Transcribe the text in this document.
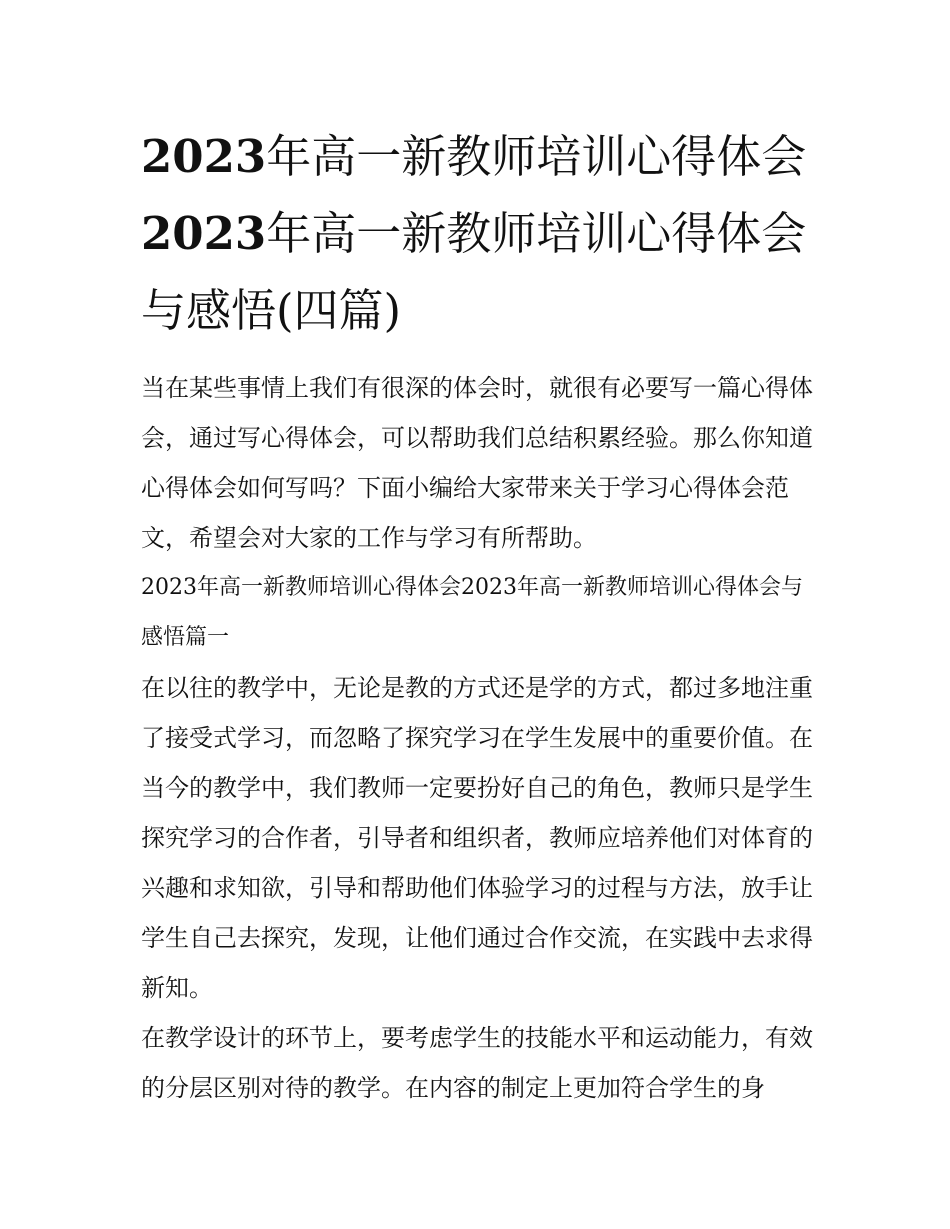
2023年高一新教师培训心得体会2023年高一新教师培训心得体会与感悟(四篇)

当在某些事情上我们有很深的体会时，就很有必要写一篇心得体会，通过写心得体会，可以帮助我们总结积累经验。那么你知道心得体会如何写吗？下面小编给大家带来关于学习心得体会范文，希望会对大家的工作与学习有所帮助。

2023年高一新教师培训心得体会2023年高一新教师培训心得体会与感悟篇一

在以往的教学中，无论是教的方式还是学的方式，都过多地注重了接受式学习，而忽略了探究学习在学生发展中的重要价值。在当今的教学中，我们教师一定要扮好自己的角色，教师只是学生探究学习的合作者，引导者和组织者，教师应培养他们对体育的兴趣和求知欲，引导和帮助他们体验学习的过程与方法，放手让学生自己去探究，发现，让他们通过合作交流，在实践中去求得新知。

在教学设计的环节上，要考虑学生的技能水平和运动能力，有效的分层区别对待的教学。在内容的制定上更加符合学生的身
